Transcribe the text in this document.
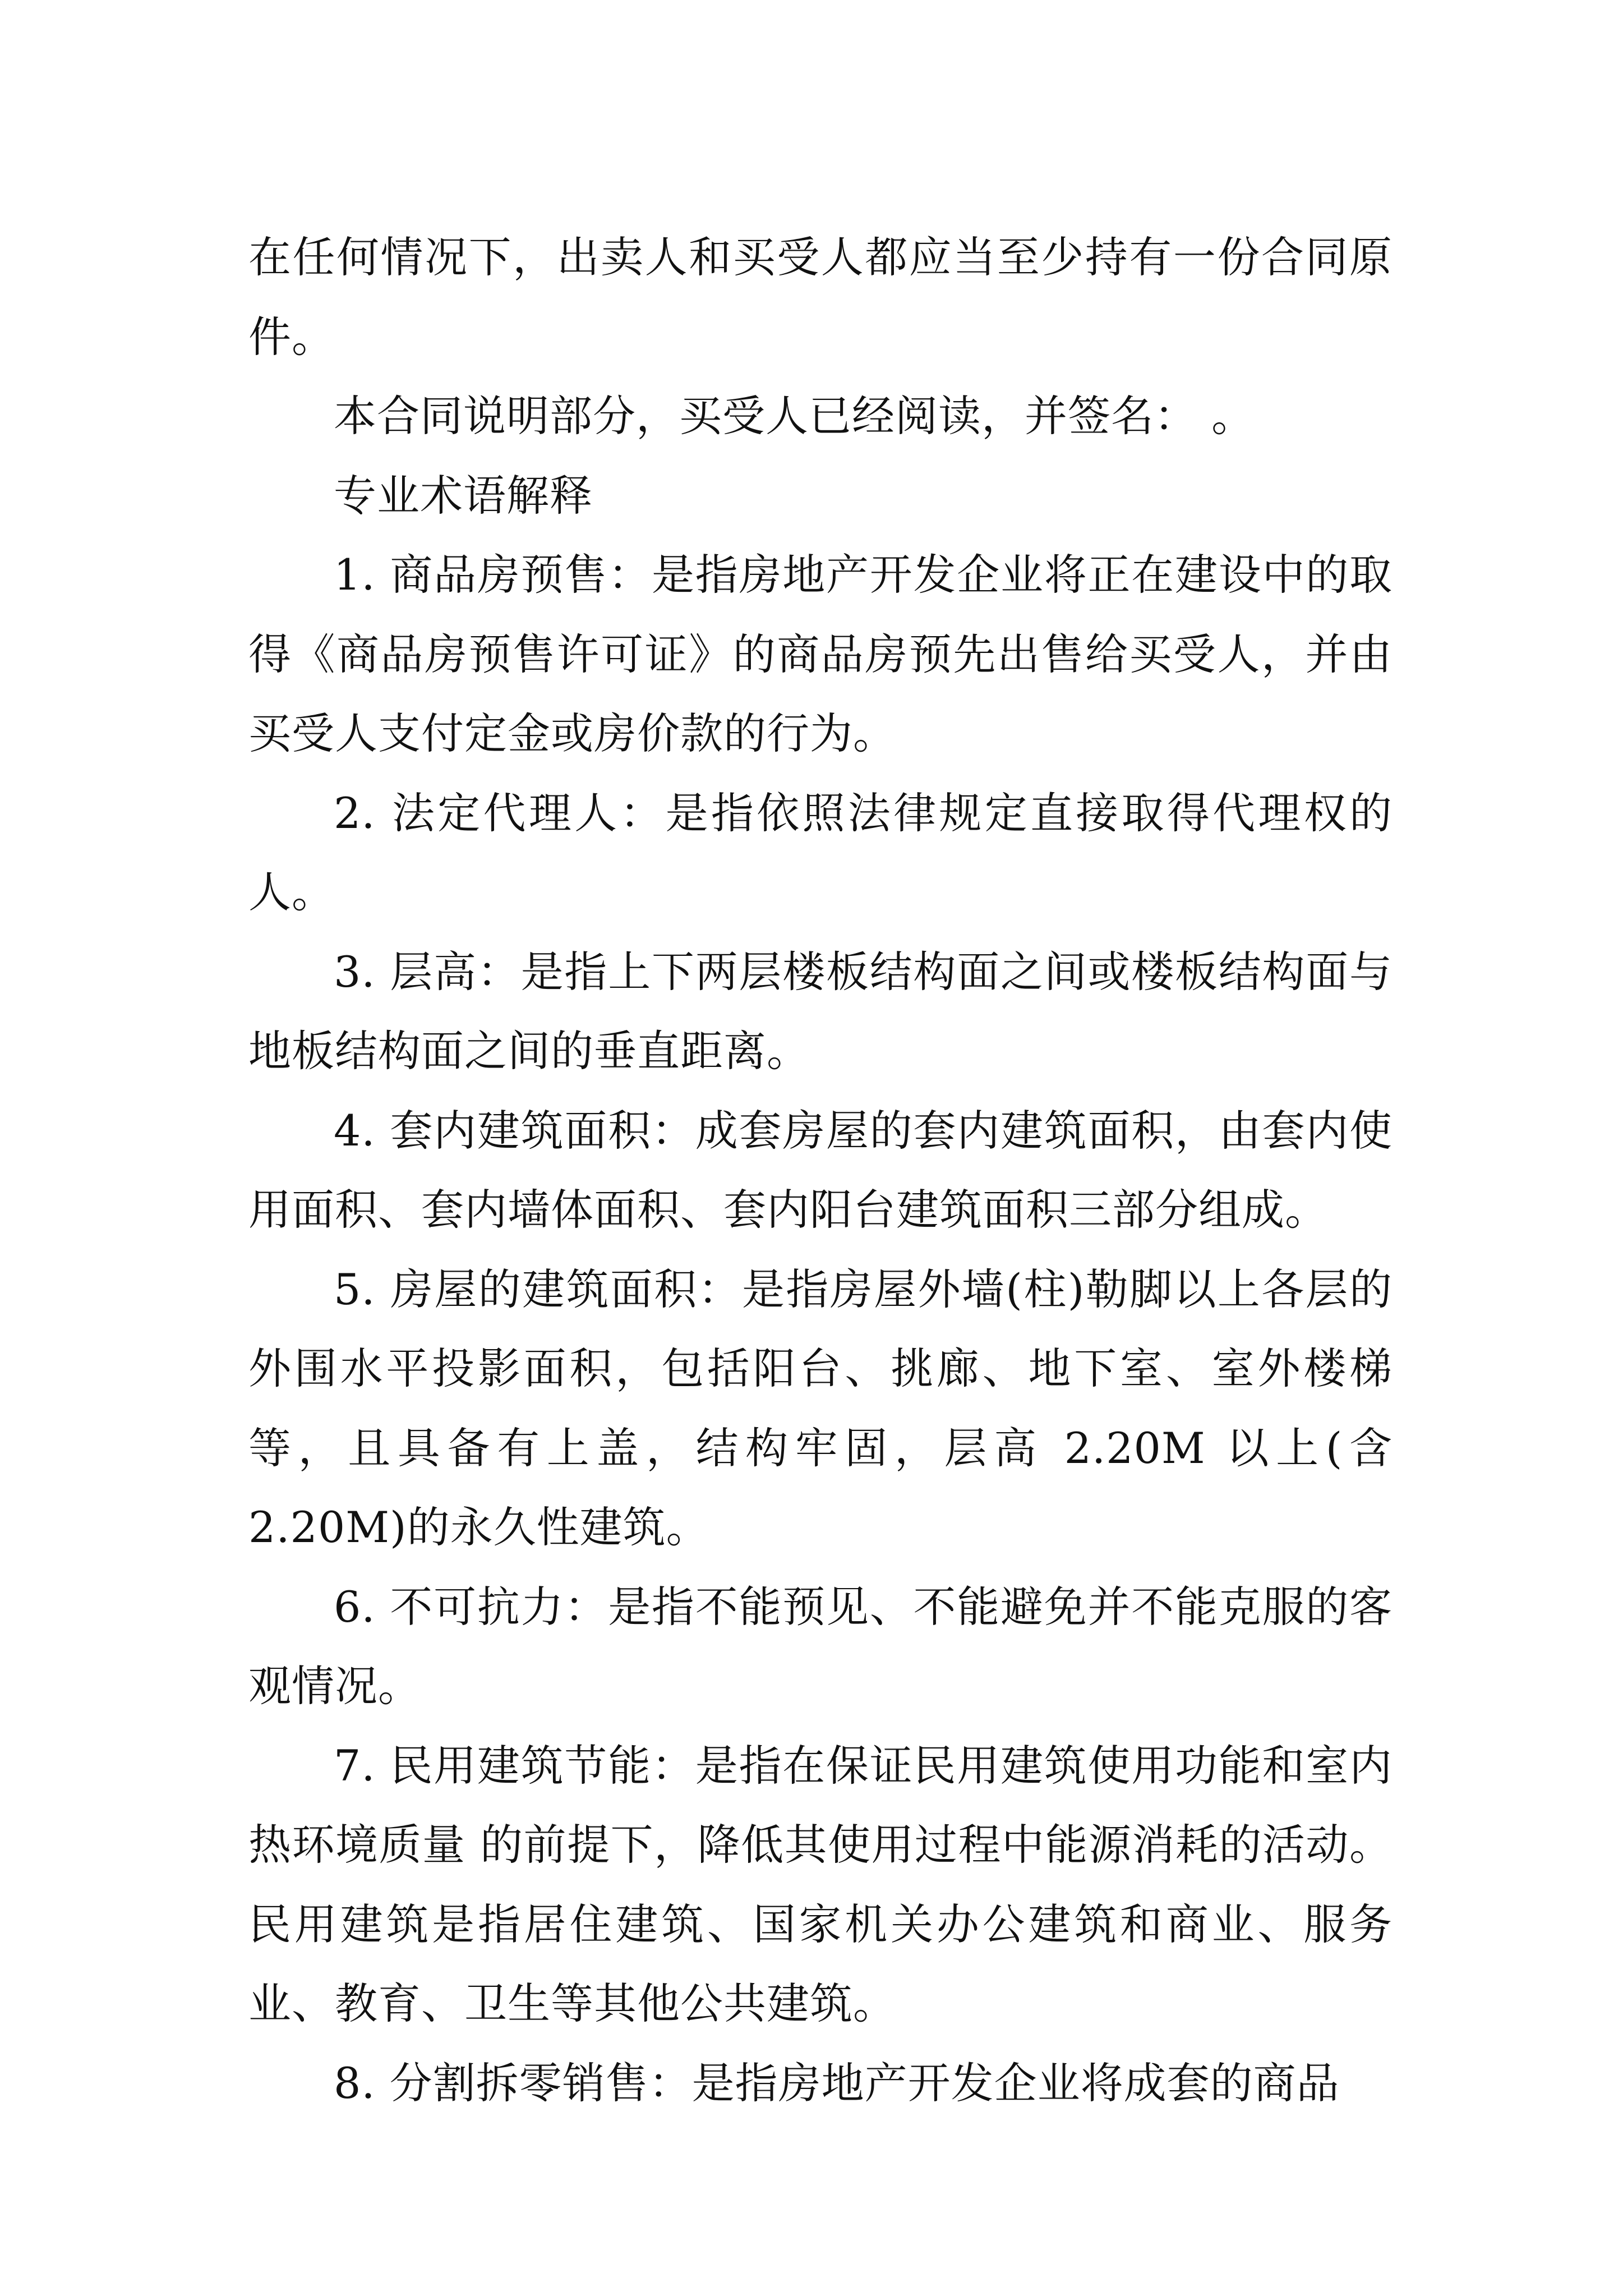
在任何情况下，出卖人和买受人都应当至少持有一份合同原件。

本合同说明部分，买受人已经阅读，并签名： 。

专业术语解释

1. 商品房预售：是指房地产开发企业将正在建设中的取得《商品房预售许可证》的商品房预先出售给买受人，并由买受人支付定金或房价款的行为。

2. 法定代理人：是指依照法律规定直接取得代理权的人。

3. 层高：是指上下两层楼板结构面之间或楼板结构面与地板结构面之间的垂直距离。

4. 套内建筑面积：成套房屋的套内建筑面积，由套内使用面积、套内墙体面积、套内阳台建筑面积三部分组成。

5. 房屋的建筑面积：是指房屋外墙(柱)勒脚以上各层的外围水平投影面积，包括阳台、挑廊、地下室、室外楼梯等，且具备有上盖，结构牢固，层高 2.20M 以上(含 2.20M)的永久性建筑。

6. 不可抗力：是指不能预见、不能避免并不能克服的客观情况。

7. 民用建筑节能：是指在保证民用建筑使用功能和室内热环境质量 的前提下，降低其使用过程中能源消耗的活动。民用建筑是指居住建筑、国家机关办公建筑和商业、服务业、教育、卫生等其他公共建筑。

8. 分割拆零销售：是指房地产开发企业将成套的商品
